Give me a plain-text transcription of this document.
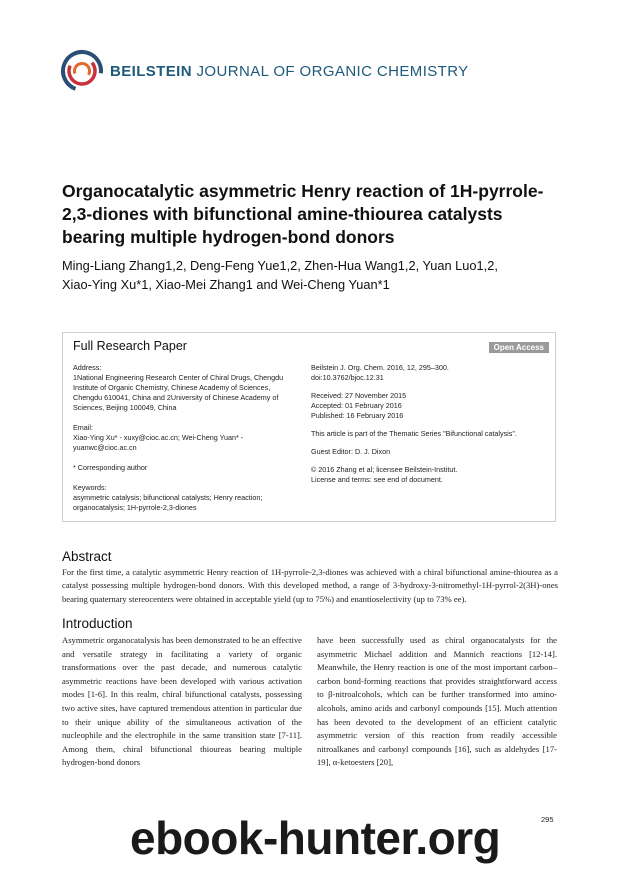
BEILSTEIN JOURNAL OF ORGANIC CHEMISTRY
Organocatalytic asymmetric Henry reaction of 1H-pyrrole-2,3-diones with bifunctional amine-thiourea catalysts bearing multiple hydrogen-bond donors
Ming-Liang Zhang1,2, Deng-Feng Yue1,2, Zhen-Hua Wang1,2, Yuan Luo1,2,
Xiao-Ying Xu*1, Xiao-Mei Zhang1 and Wei-Cheng Yuan*1
Full Research Paper	Open Access

Address:

1National Engineering Research Center of Chiral Drugs, Chengdu Institute of Organic Chemistry, Chinese Academy of Sciences, Chengdu 610041, China and 2University of Chinese Academy of Sciences, Beijing 100049, China

Email:

Xiao-Ying Xu* - xuxy@cioc.ac.cn; Wei-Cheng Yuan* - yuanwc@cioc.ac.cn

* Corresponding author

Keywords:

asymmetric catalysis; bifunctional catalysts; Henry reaction; organocatalysis; 1H-pyrrole-2,3-diones

Beilstein J. Org. Chem. 2016, 12, 295–300.

doi:10.3762/bjoc.12.31

Received: 27 November 2015

Accepted: 01 February 2016

Published: 16 February 2016

This article is part of the Thematic Series "Bifunctional catalysis".

Guest Editor: D. J. Dixon

© 2016 Zhang et al; licensee Beilstein-Institut.

License and terms: see end of document.

Abstract

For the first time, a catalytic asymmetric Henry reaction of 1H-pyrrole-2,3-diones was achieved with a chiral bifunctional amine-thiourea as a catalyst possessing multiple hydrogen-bond donors. With this developed method, a range of 3-hydroxy-3-nitromethyl-1H-pyrrol-2(3H)-ones bearing quaternary stereocenters were obtained in acceptable yield (up to 75%) and enantioselectivity (up to 73% ee).

Introduction

Asymmetric organocatalysis has been demonstrated to be an effective and versatile strategy in facilitating a variety of organic transformations over the past decade, and numerous catalytic asymmetric reactions have been developed with various activation modes [1-6]. In this realm, chiral bifunctional catalysts, possessing two active sites, have captured tremendous attention in particular due to their unique ability of the simultaneous activation of the nucleophile and the electrophile in the same transition state [7-11]. Among them, chiral bifunctional thioureas bearing multiple hydrogen-bond donors

have been successfully used as chiral organocatalysts for the asymmetric Michael addition and Mannich reactions [12-14]. Meanwhile, the Henry reaction is one of the most important carbon–carbon bond-forming reactions that provides straightforward access to β-nitroalcohols, which can be further transformed into amino-alcohols, amino acids and carbonyl compounds [15]. Much attention has been devoted to the development of an efficient catalytic asymmetric version of this reaction from readily accessible nitroalkanes and carbonyl compounds [16], such as aldehydes [17-19], α-ketoesters [20],

295
ebook-hunter.org
